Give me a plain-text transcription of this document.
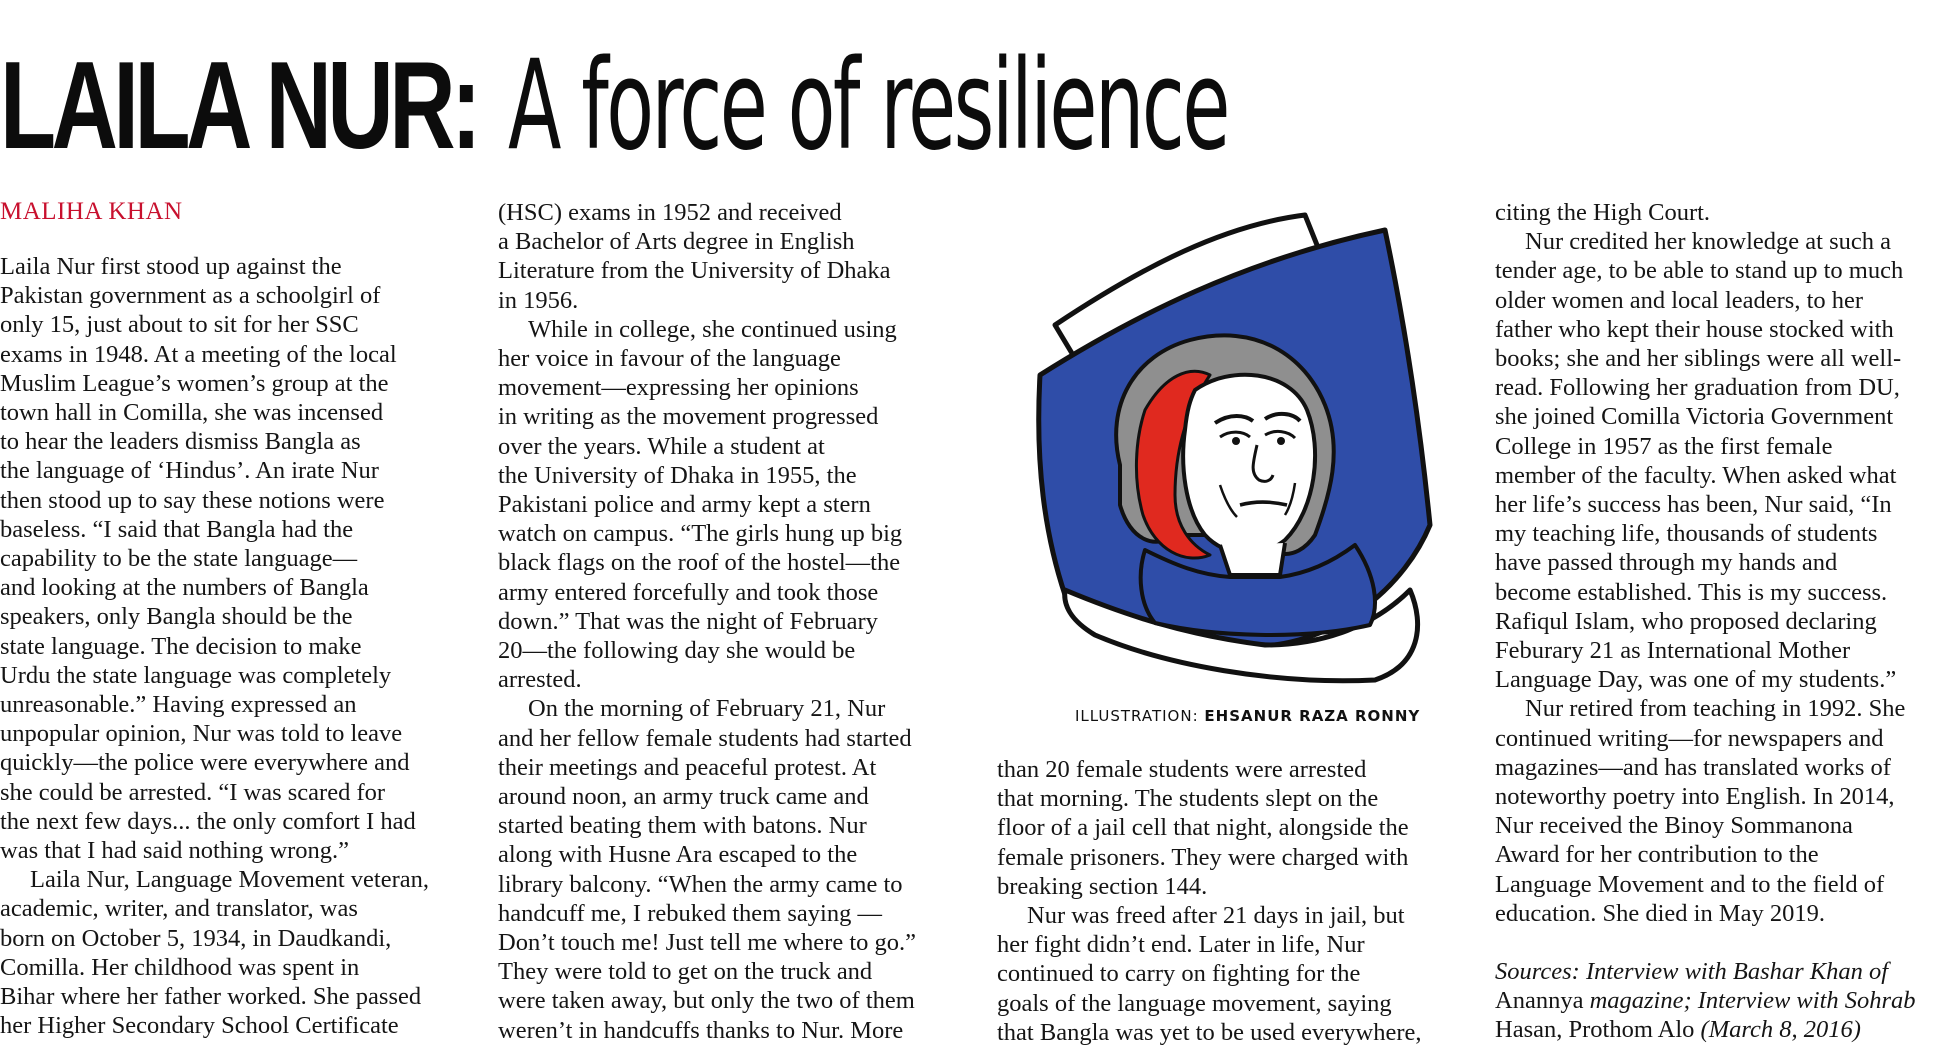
LAILA NUR: A force of resilience
MALIHA KHAN
Laila Nur first stood up against the
Pakistan government as a schoolgirl of
only 15, just about to sit for her SSC
exams in 1948. At a meeting of the local
Muslim League’s women’s group at the
town hall in Comilla, she was incensed
to hear the leaders dismiss Bangla as
the language of ‘Hindus’. An irate Nur
then stood up to say these notions were
baseless. “I said that Bangla had the
capability to be the state language—
and looking at the numbers of Bangla
speakers, only Bangla should be the
state language. The decision to make
Urdu the state language was completely
unreasonable.” Having expressed an
unpopular opinion, Nur was told to leave
quickly—the police were everywhere and
she could be arrested. “I was scared for
the next few days... the only comfort I had
was that I had said nothing wrong.”
Laila Nur, Language Movement veteran,
academic, writer, and translator, was
born on October 5, 1934, in Daudkandi,
Comilla. Her childhood was spent in
Bihar where her father worked. She passed
her Higher Secondary School Certificate
(HSC) exams in 1952 and received
a Bachelor of Arts degree in English
Literature from the University of Dhaka
in 1956.
While in college, she continued using
her voice in favour of the language
movement—expressing her opinions
in writing as the movement progressed
over the years. While a student at
the University of Dhaka in 1955, the
Pakistani police and army kept a stern
watch on campus. “The girls hung up big
black flags on the roof of the hostel—the
army entered forcefully and took those
down.” That was the night of February
20—the following day she would be
arrested.
On the morning of February 21, Nur
and her fellow female students had started
their meetings and peaceful protest. At
around noon, an army truck came and
started beating them with batons. Nur
along with Husne Ara escaped to the
library balcony. “When the army came to
handcuff me, I rebuked them saying —
Don’t touch me! Just tell me where to go.”
They were told to get on the truck and
were taken away, but only the two of them
weren’t in handcuffs thanks to Nur. More
ILLUSTRATION: EHSANUR RAZA RONNY
than 20 female students were arrested
that morning. The students slept on the
floor of a jail cell that night, alongside the
female prisoners. They were charged with
breaking section 144.
Nur was freed after 21 days in jail, but
her fight didn’t end. Later in life, Nur
continued to carry on fighting for the
goals of the language movement, saying
that Bangla was yet to be used everywhere,
citing the High Court.
Nur credited her knowledge at such a
tender age, to be able to stand up to much
older women and local leaders, to her
father who kept their house stocked with
books; she and her siblings were all well-
read. Following her graduation from DU,
she joined Comilla Victoria Government
College in 1957 as the first female
member of the faculty. When asked what
her life’s success has been, Nur said, “In
my teaching life, thousands of students
have passed through my hands and
become established. This is my success.
Rafiqul Islam, who proposed declaring
Feburary 21 as International Mother
Language Day, was one of my students.”
Nur retired from teaching in 1992. She
continued writing—for newspapers and
magazines—and has translated works of
noteworthy poetry into English. In 2014,
Nur received the Binoy Sommanona
Award for her contribution to the
Language Movement and to the field of
education. She died in May 2019.
Sources: Interview with Bashar Khan of
Anannya magazine; Interview with Sohrab
Hasan, Prothom Alo (March 8, 2016)
